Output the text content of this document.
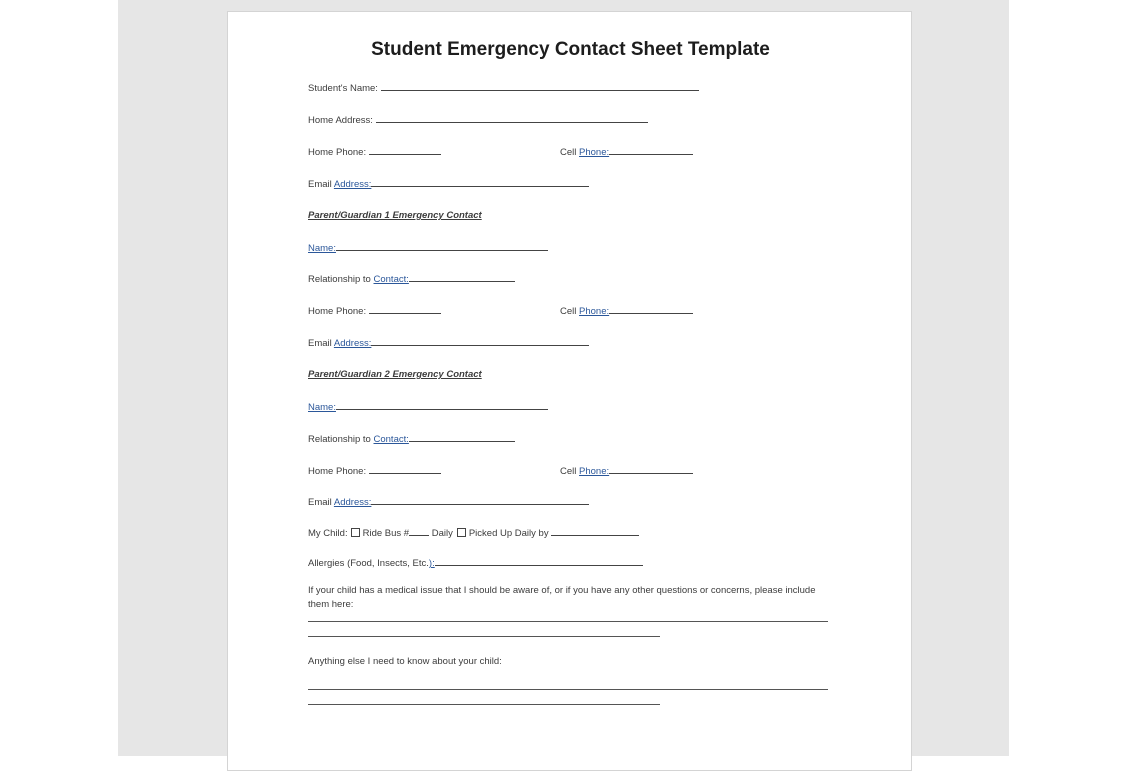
Student Emergency Contact Sheet Template
Student's Name:
Home Address:
Home Phone:	Cell Phone:
Email Address:
Parent/Guardian 1 Emergency Contact
Name:
Relationship to Contact:
Home Phone:	Cell Phone:
Email Address:
Parent/Guardian 2 Emergency Contact
Name:
Relationship to Contact:
Home Phone:	Cell Phone:
Email Address:
My Child: Ride Bus # Daily Picked Up Daily by
Allergies (Food, Insects, Etc.):
If your child has a medical issue that I should be aware of, or if you have any other questions or concerns, please include them here:
Anything else I need to know about your child:
